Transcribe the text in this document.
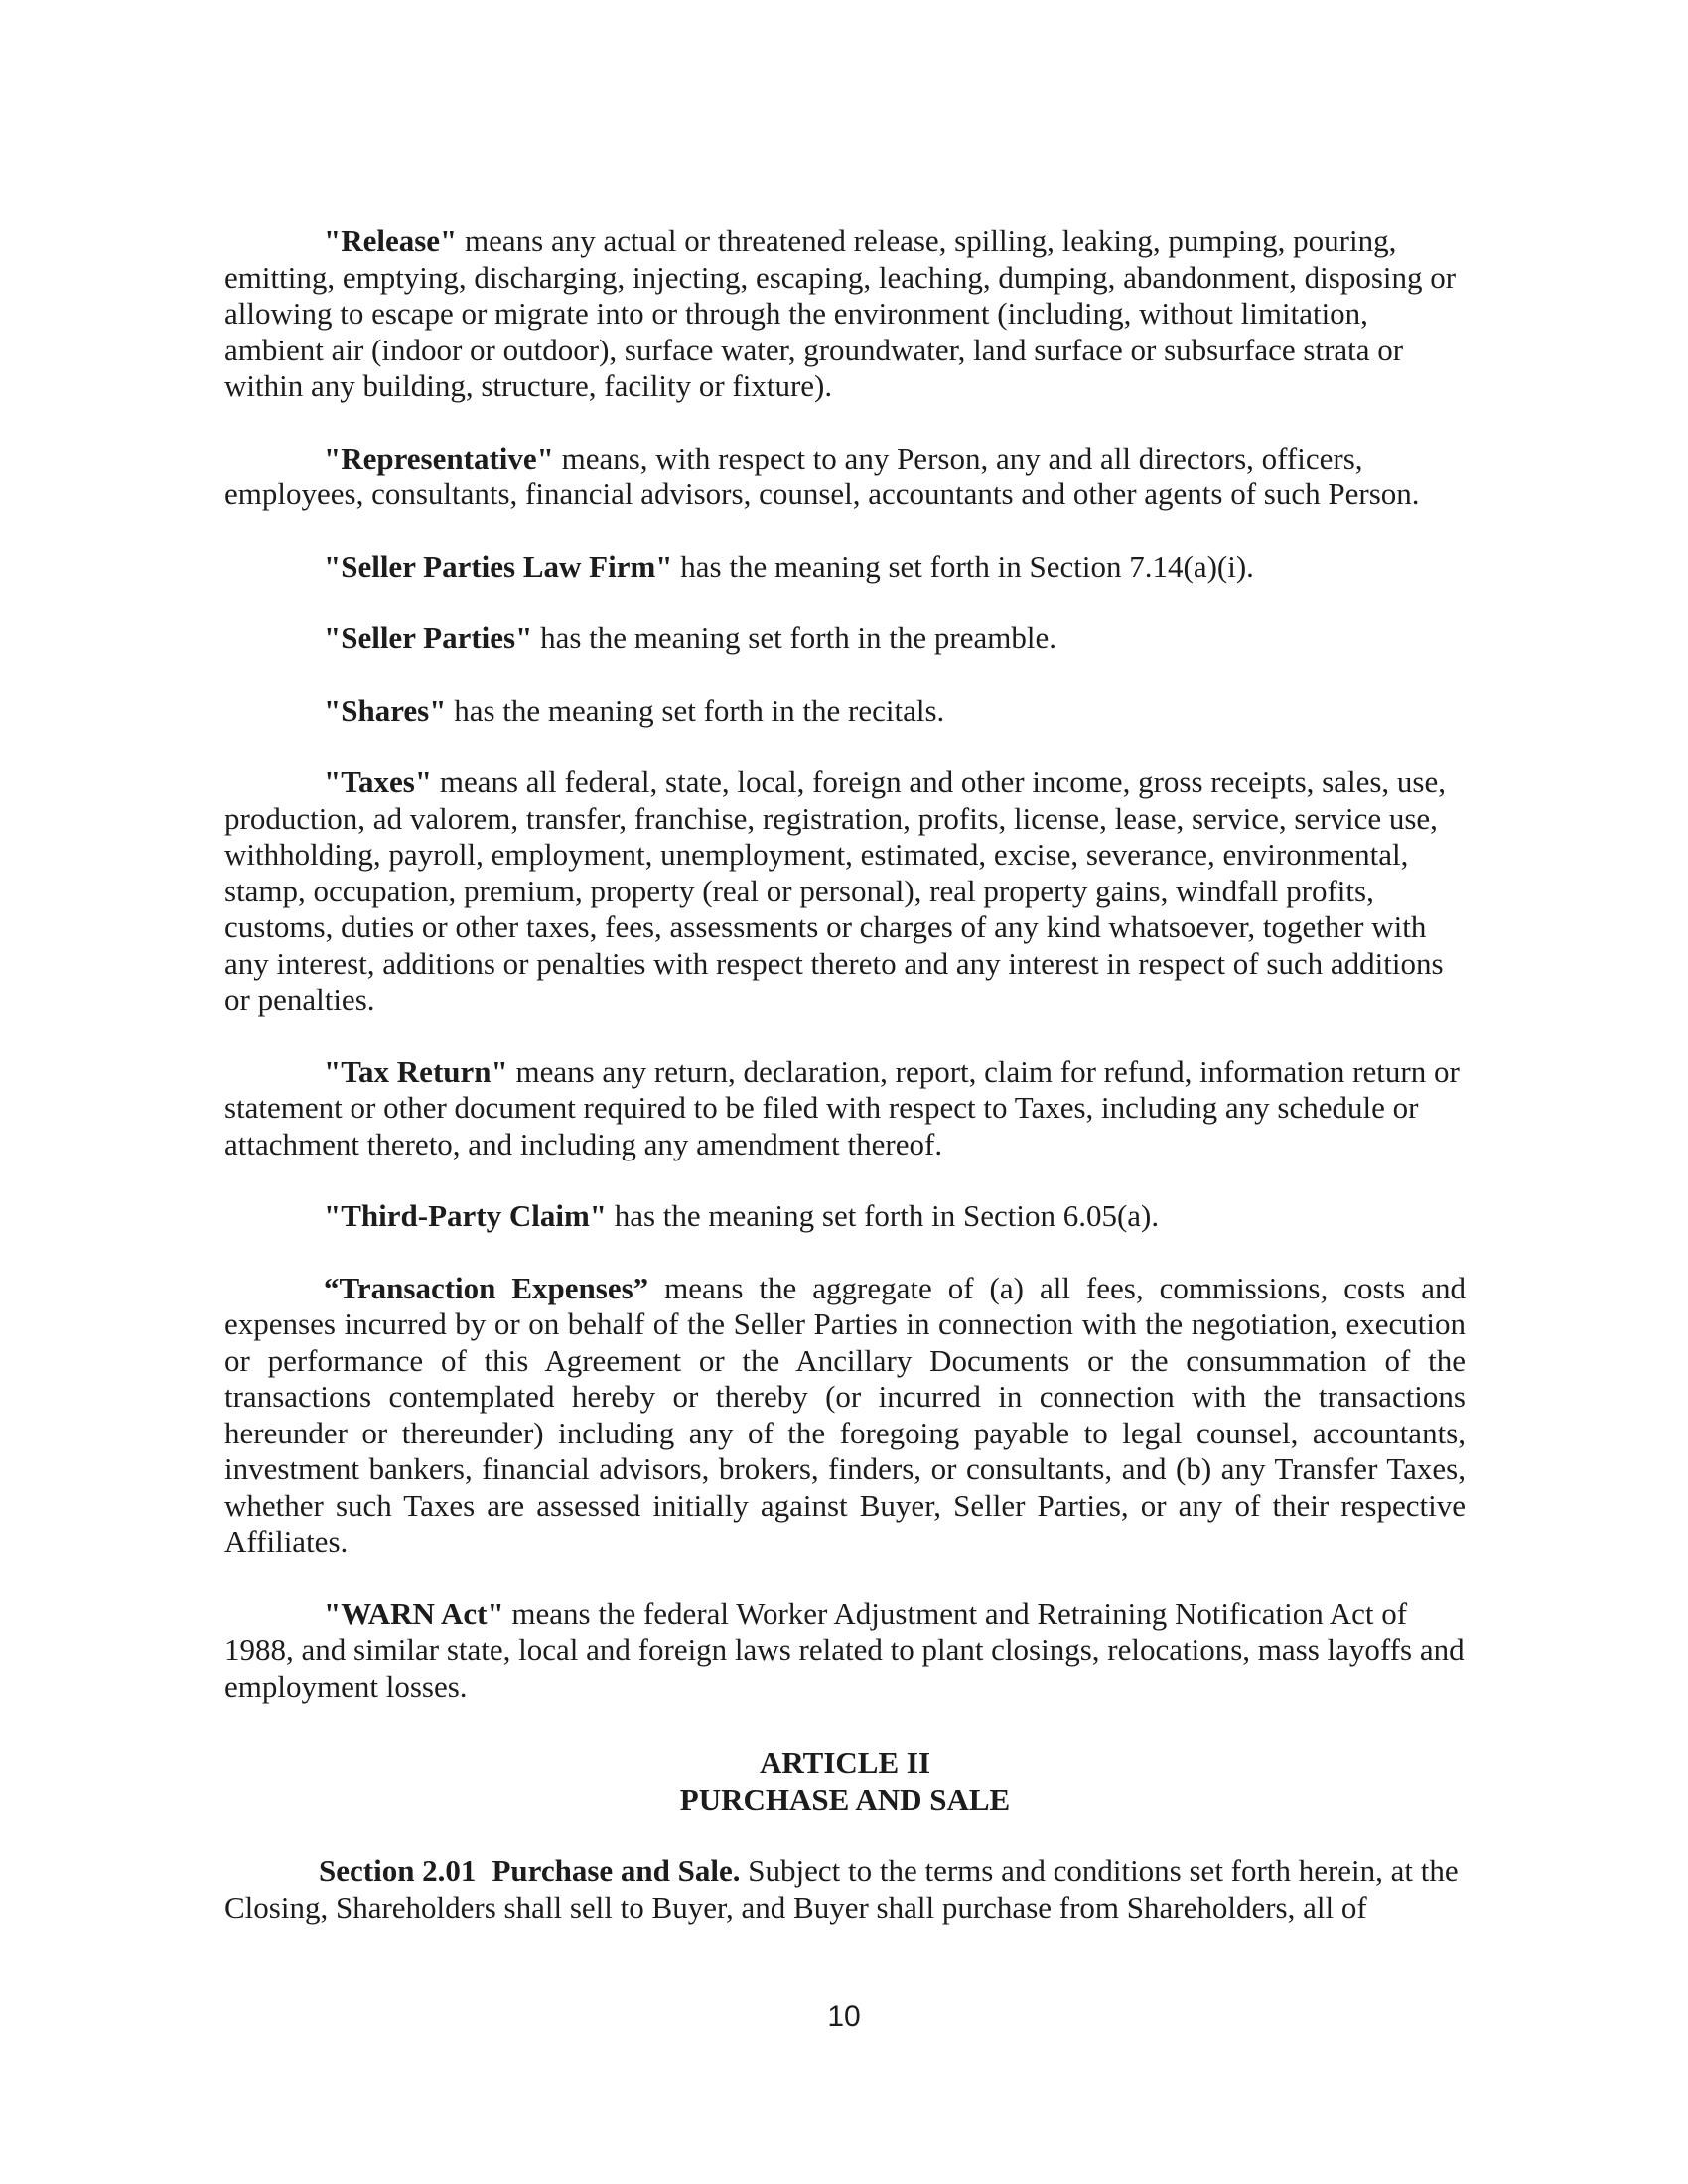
"Release" means any actual or threatened release, spilling, leaking, pumping, pouring, emitting, emptying, discharging, injecting, escaping, leaching, dumping, abandonment, disposing or allowing to escape or migrate into or through the environment (including, without limitation, ambient air (indoor or outdoor), surface water, groundwater, land surface or subsurface strata or within any building, structure, facility or fixture).

"Representative" means, with respect to any Person, any and all directors, officers, employees, consultants, financial advisors, counsel, accountants and other agents of such Person.

"Seller Parties Law Firm" has the meaning set forth in Section 7.14(a)(i).

"Seller Parties" has the meaning set forth in the preamble.

"Shares" has the meaning set forth in the recitals.

"Taxes" means all federal, state, local, foreign and other income, gross receipts, sales, use, production, ad valorem, transfer, franchise, registration, profits, license, lease, service, service use, withholding, payroll, employment, unemployment, estimated, excise, severance, environmental, stamp, occupation, premium, property (real or personal), real property gains, windfall profits, customs, duties or other taxes, fees, assessments or charges of any kind whatsoever, together with any interest, additions or penalties with respect thereto and any interest in respect of such additions or penalties.

"Tax Return" means any return, declaration, report, claim for refund, information return or statement or other document required to be filed with respect to Taxes, including any schedule or attachment thereto, and including any amendment thereof.

"Third-Party Claim" has the meaning set forth in Section 6.05(a).

“Transaction Expenses” means the aggregate of (a) all fees, commissions, costs and expenses incurred by or on behalf of the Seller Parties in connection with the negotiation, execution or performance of this Agreement or the Ancillary Documents or the consummation of the transactions contemplated hereby or thereby (or incurred in connection with the transactions hereunder or thereunder) including any of the foregoing payable to legal counsel, accountants, investment bankers, financial advisors, brokers, finders, or consultants, and (b) any Transfer Taxes, whether such Taxes are assessed initially against Buyer, Seller Parties, or any of their respective Affiliates.

"WARN Act" means the federal Worker Adjustment and Retraining Notification Act of 1988, and similar state, local and foreign laws related to plant closings, relocations, mass layoffs and employment losses.

ARTICLE II
PURCHASE AND SALE

Section 2.01 Purchase and Sale. Subject to the terms and conditions set forth herein, at the Closing, Shareholders shall sell to Buyer, and Buyer shall purchase from Shareholders, all of

10
